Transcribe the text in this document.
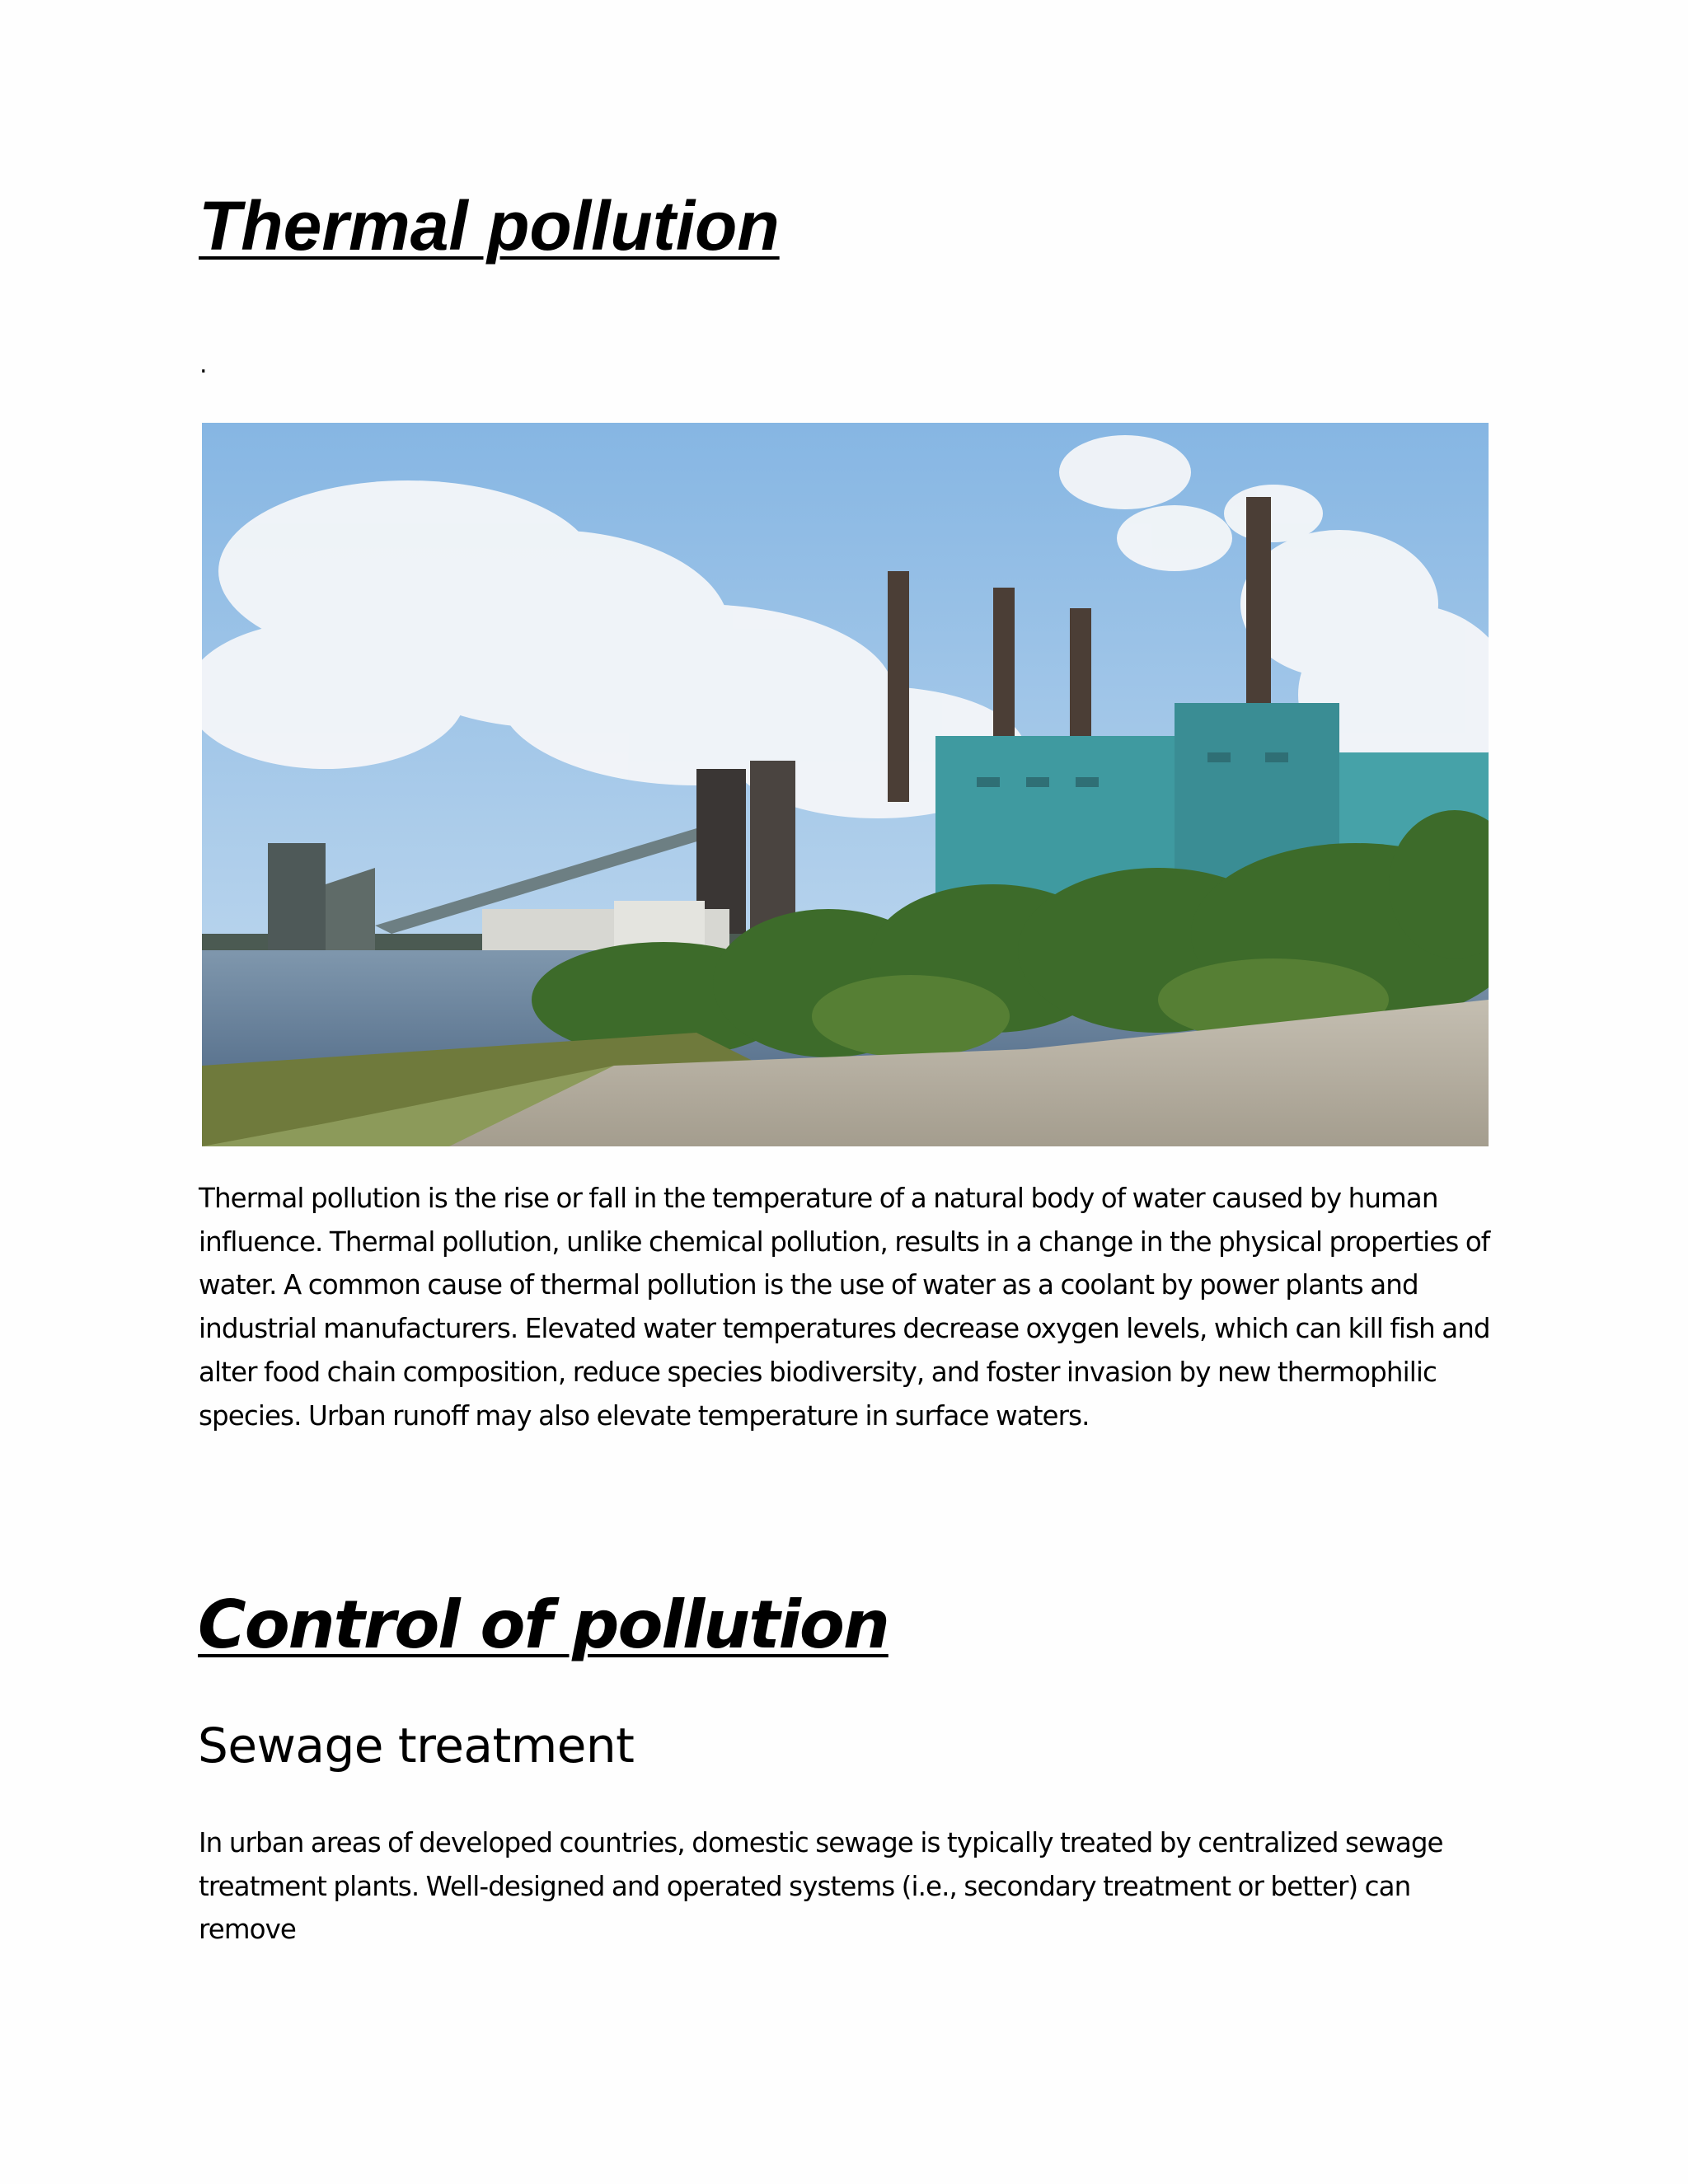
Thermal pollution
.

Thermal pollution is the rise or fall in the temperature of a natural body of water caused by human influence. Thermal pollution, unlike chemical pollution, results in a change in the physical properties of water. A common cause of thermal pollution is the use of water as a coolant by power plants and industrial manufacturers. Elevated water temperatures decrease oxygen levels, which can kill fish and alter food chain composition, reduce species biodiversity, and foster invasion by new thermophilic species. Urban runoff may also elevate temperature in surface waters.

Control of pollution
Sewage treatment

In urban areas of developed countries, domestic sewage is typically treated by centralized sewage treatment plants. Well-designed and operated systems (i.e., secondary treatment or better) can remove
